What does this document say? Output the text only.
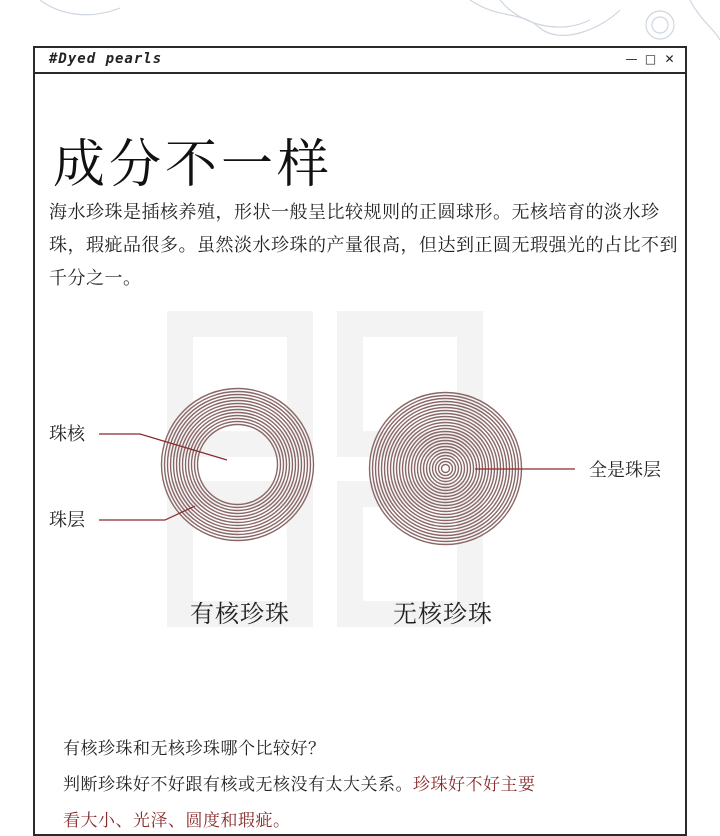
#Dyed pearls	— □ ✕
成分不一样
海水珍珠是插核养殖，形状一般呈比较规则的正圆球形。无核培育的淡水珍珠，瑕疵品很多。虽然淡水珍珠的产量很高，但达到正圆无瑕强光的占比不到千分之一。
珠核
珠层
全是珠层
有核珍珠	无核珍珠
有核珍珠和无核珍珠哪个比较好？
判断珍珠好不好跟有核或无核没有太大关系。珍珠好不好主要
看大小、光泽、圆度和瑕疵。
